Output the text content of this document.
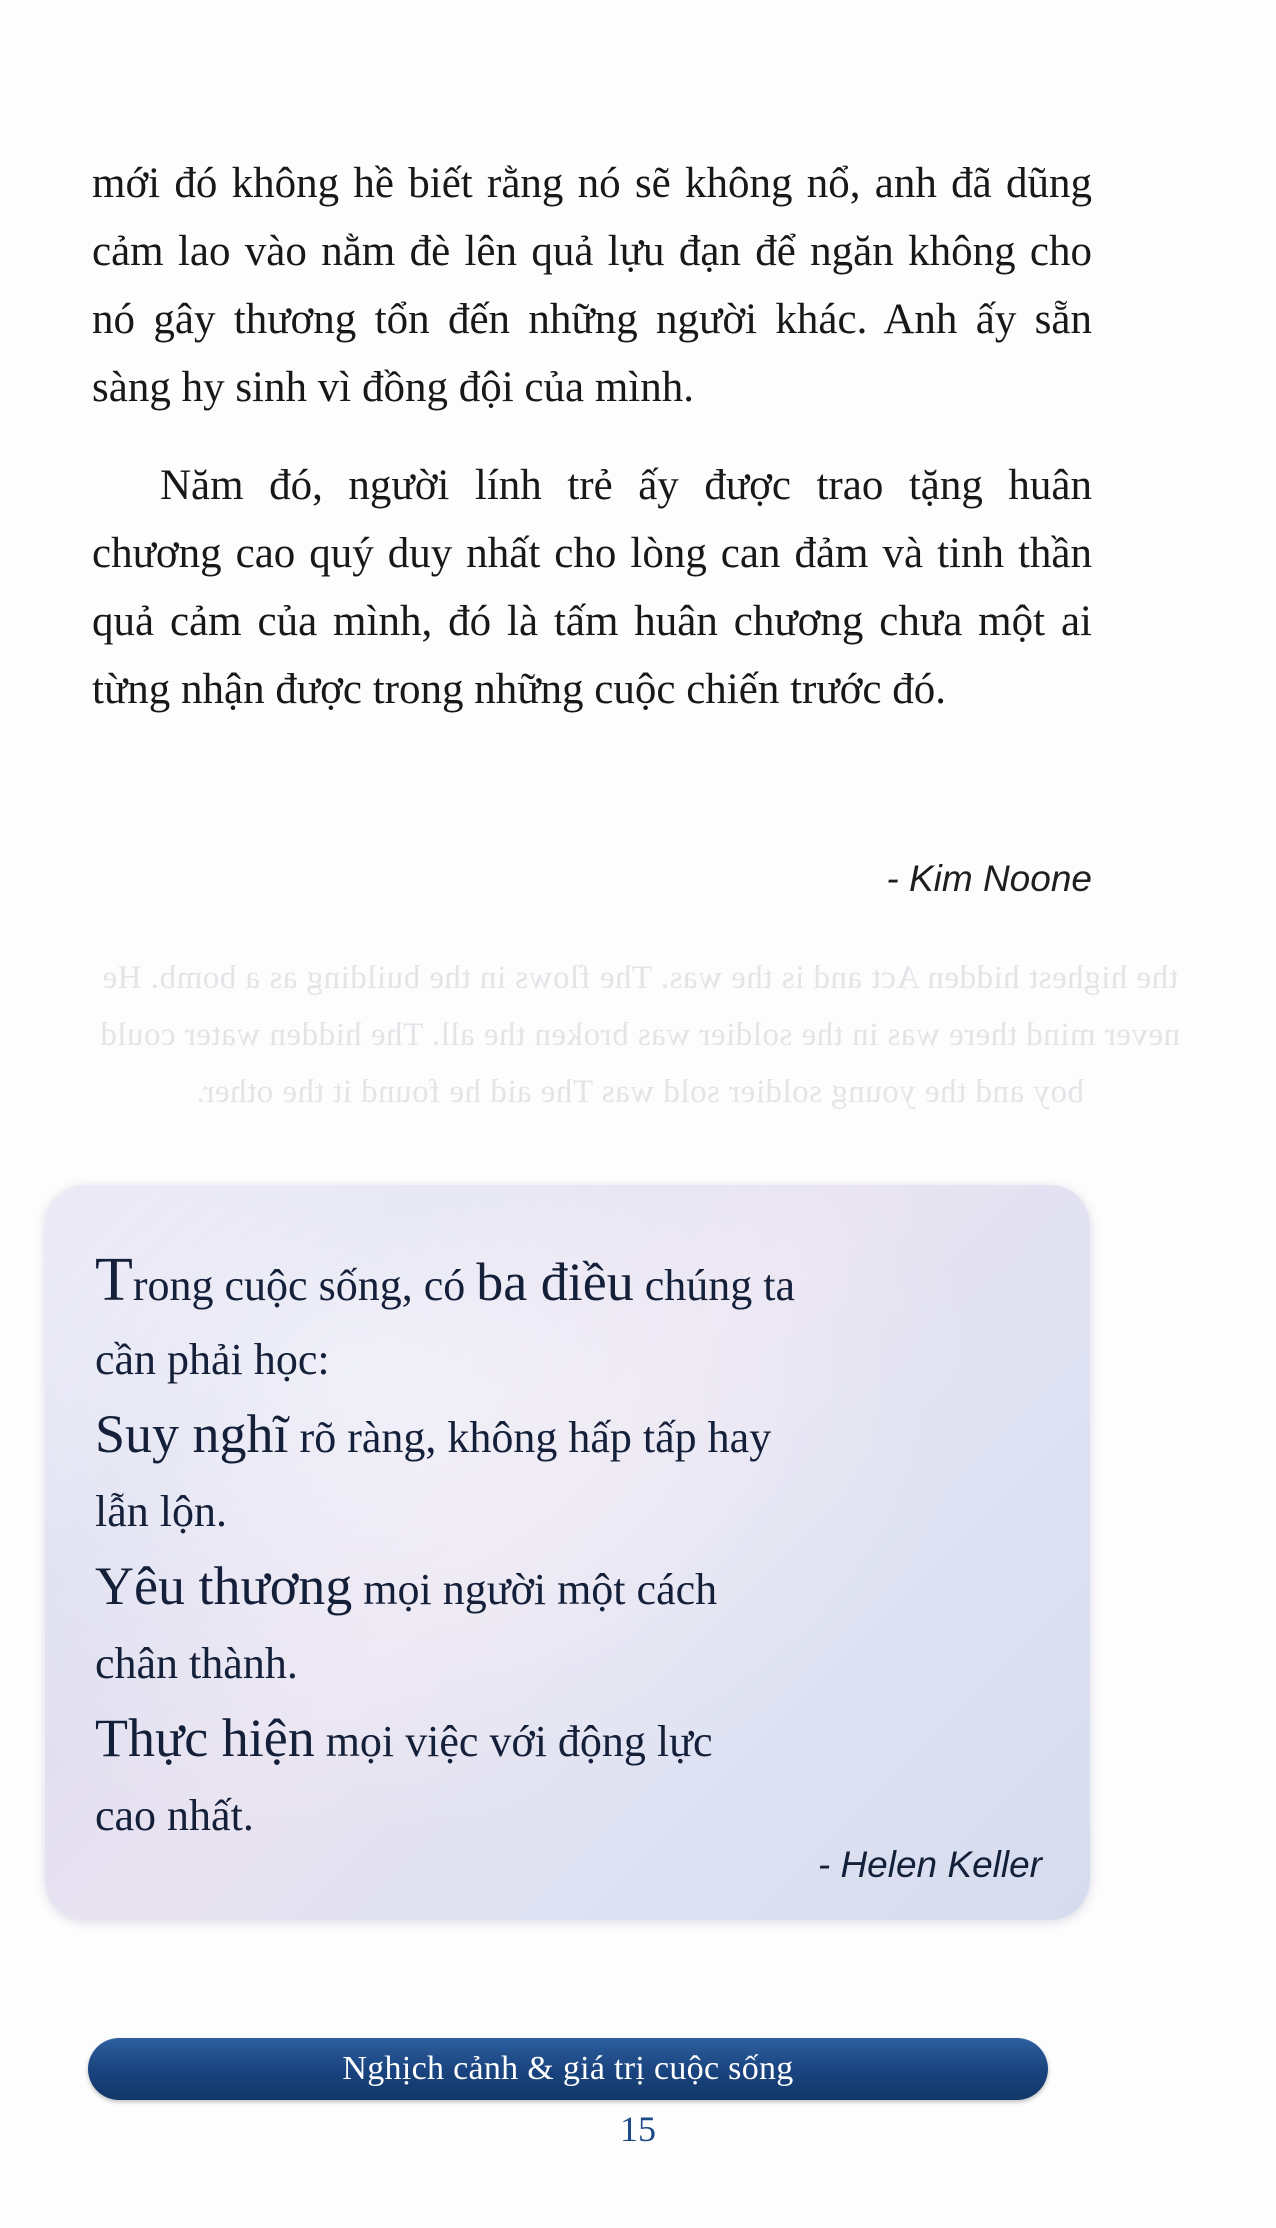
the highest hidden Act and is the was. The flows in the building as a bomb. He never mind there was in the soldier was broken the all. The hidden water could boy and the young soldier sold was The aid he found it the other.

mới đó không hề biết rằng nó sẽ không nổ, anh đã dũng cảm lao vào nằm đè lên quả lựu đạn để ngăn không cho nó gây thương tổn đến những người khác. Anh ấy sẵn sàng hy sinh vì đồng đội của mình.

Năm đó, người lính trẻ ấy được trao tặng huân chương cao quý duy nhất cho lòng can đảm và tinh thần quả cảm của mình, đó là tấm huân chương chưa một ai từng nhận được trong những cuộc chiến trước đó.

- Kim Noone
Trong cuộc sống, có ba điều chúng ta
cần phải học:
Suy nghĩ rõ ràng, không hấp tấp hay
lẫn lộn.
Yêu thương mọi người một cách
chân thành.
Thực hiện mọi việc với động lực
cao nhất.
- Helen Keller
Nghịch cảnh & giá trị cuộc sống
15
